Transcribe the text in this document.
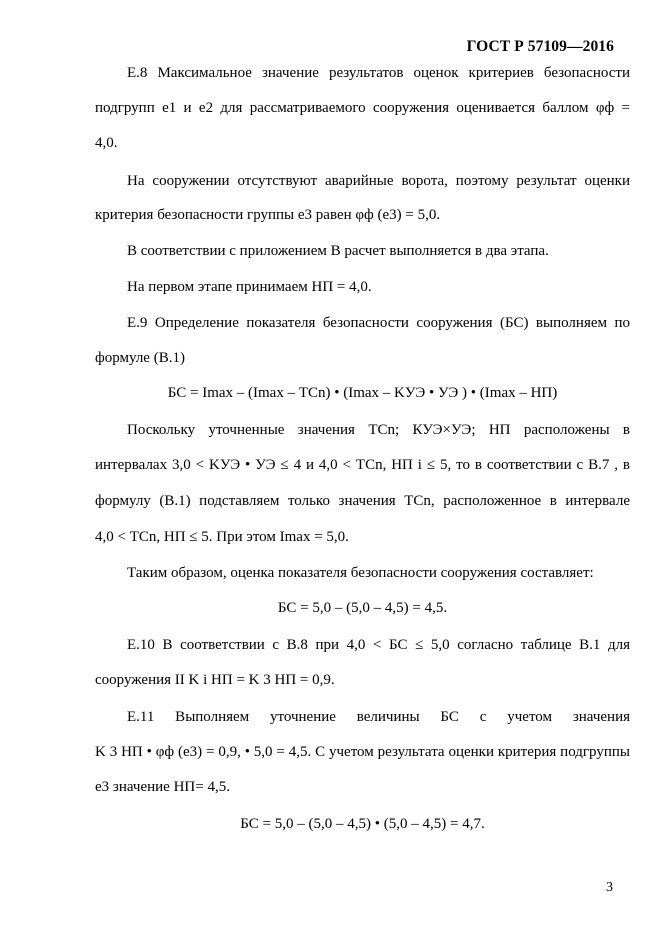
ГОСТ Р 57109—2016
Е.8 Максимальное значение результатов оценок критериев безопасности
подгрупп е1 и е2 для рассматриваемого сооружения оценивается баллом φф =
4,0.
На сооружении отсутствуют аварийные ворота, поэтому результат оценки
критерия безопасности группы е3 равен φф (е3) = 5,0.
В соответствии с приложением В расчет выполняется в два этапа.
На первом этапе принимаем НП = 4,0.
Е.9 Определение показателя безопасности сооружения (БС) выполняем по
формуле (В.1)
БС = Imax – (Imax – ТСn) • (Imax – KУЭ • УЭ ) • (Imax – НП)
Поскольку уточненные значения ТСn; КУЭ×УЭ; НП расположены в
интервалах 3,0 < KУЭ • УЭ ≤ 4 и 4,0 < ТСn, НП i ≤ 5, то в соответствии с В.7 , в
формулу (В.1) подставляем только значения ТСn, расположенное в интервале
4,0 < ТСn, НП ≤ 5. При этом Imax = 5,0.
Таким образом, оценка показателя безопасности сооружения составляет:
БС = 5,0 – (5,0 – 4,5) = 4,5.
Е.10 В соответствии с В.8 при 4,0 < БС ≤ 5,0 согласно таблице В.1 для
сооружения II K i НП = K 3 НП = 0,9.
Е.11 Выполняем уточнение величины БС с учетом значения
K 3 НП • φф (е3) = 0,9, • 5,0 = 4,5. С учетом результата оценки критерия подгруппы
е3 значение НП= 4,5.
БС = 5,0 – (5,0 – 4,5) • (5,0 – 4,5) = 4,7.
3
